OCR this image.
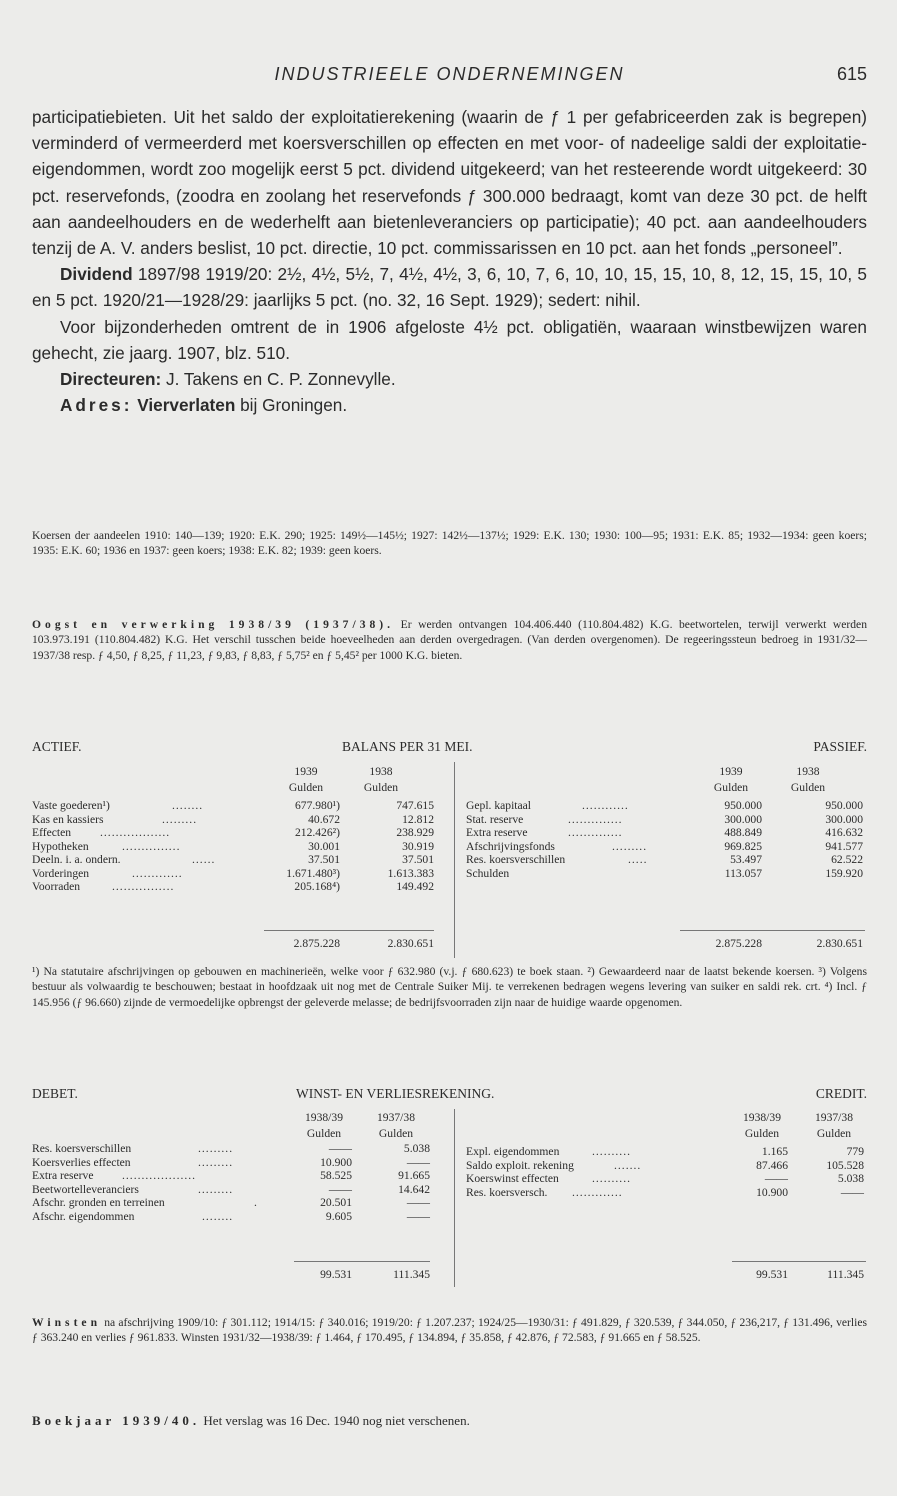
INDUSTRIEELE ONDERNEMINGEN	615

participatiebieten. Uit het saldo der exploitatierekening (waarin de ƒ 1 per gefabriceerden zak is begrepen) verminderd of vermeerderd met koersverschillen op effecten en met voor- of nadeelige saldi der exploitatie-eigendommen, wordt zoo mogelijk eerst 5 pct. dividend uitgekeerd; van het resteerende wordt uitgekeerd: 30 pct. reservefonds, (zoodra en zoolang het reservefonds ƒ 300.000 bedraagt, komt van deze 30 pct. de helft aan aandeelhouders en de wederhelft aan bietenleveranciers op participatie); 40 pct. aan aandeelhouders tenzij de A. V. anders beslist, 10 pct. directie, 10 pct. commissarissen en 10 pct. aan het fonds „personeel”.

Dividend 1897/98 1919/20: 2½, 4½, 5½, 7, 4½, 4½, 3, 6, 10, 7, 6, 10, 10, 15, 15, 10, 8, 12, 15, 15, 10, 5 en 5 pct. 1920/21—1928/29: jaarlijks 5 pct. (no. 32, 16 Sept. 1929); sedert: nihil.

Voor bijzonderheden omtrent de in 1906 afgeloste 4½ pct. obligatiën, waaraan winstbewijzen waren gehecht, zie jaarg. 1907, blz. 510.

Directeuren: J. Takens en C. P. Zonnevylle.

Adres: Vierverlaten bij Groningen.

Koersen der aandeelen 1910: 140—139; 1920: E.K. 290; 1925: 149½—145½; 1927: 142½—137½; 1929: E.K. 130; 1930: 100—95; 1931: E.K. 85; 1932—1934: geen koers; 1935: E.K. 60; 1936 en 1937: geen koers; 1938: E.K. 82; 1939: geen koers.

Oogst en verwerking 1938/39 (1937/38). Er werden ontvangen 104.406.440 (110.804.482) K.G. beetwortelen, terwijl verwerkt werden 103.973.191 (110.804.482) K.G. Het verschil tusschen beide hoeveelheden aan derden overgedragen. (Van derden overgenomen). De regeeringssteun bedroeg in 1931/32—1937/38 resp. ƒ 4,50, ƒ 8,25, ƒ 11,23, ƒ 9,83, ƒ 8,83, ƒ 5,75² en ƒ 5,45² per 1000 K.G. bieten.

ACTIEF.	BALANS PER 31 MEI.	PASSIEF.
1939	1938	1939	1938
Gulden	Gulden	Gulden	Gulden
Vaste goederen¹)	........	677.980¹)	747.615
Kas en kassiers	.........	40.672	12.812
Effecten ..................	212.426²)	238.929
Hypotheken	...............	30.001	30.919
Deeln. i. a. ondern.	......	37.501	37.501
Vorderingen	.............	1.671.480³)	1.613.383
Voorraden	................	205.168⁴)	149.492
Gepl. kapitaal	............	950.000	950.000
Stat. reserve	..............	300.000	300.000
Extra reserve	..............	488.849	416.632
Afschrijvingsfonds	.........	969.825	941.577
Res. koersverschillen	.....	53.497	62.522
Schulden	113.057	159.920
2.875.228	2.830.651	2.875.228	2.830.651

¹) Na statutaire afschrijvingen op gebouwen en machinerieën, welke voor ƒ 632.980 (v.j. ƒ 680.623) te boek staan. ²) Gewaardeerd naar de laatst bekende koersen. ³) Volgens bestuur als volwaardig te beschouwen; bestaat in hoofdzaak uit nog met de Centrale Suiker Mij. te verrekenen bedragen wegens levering van suiker en saldi rek. crt. ⁴) Incl. ƒ 145.956 (ƒ 96.660) zijnde de vermoedelijke opbrengst der geleverde melasse; de bedrijfsvoorraden zijn naar de huidige waarde opgenomen.

DEBET.	WINST- EN VERLIESREKENING.	CREDIT.
1938/39	1937/38	1938/39	1937/38
Gulden	Gulden	Gulden	Gulden
Res. koersverschillen	.........	——	5.038
Koersverlies effecten	.........	10.900	——
Extra reserve ...................	58.525	91.665
Beetwortelleveranciers	.........	——	14.642
Afschr. gronden en terreinen	.	20.501	——
Afschr. eigendommen	........	9.605	——
Expl. eigendommen	..........	1.165	779
Saldo exploit. rekening	.......	87.466	105.528
Koerswinst effecten	..........	——	5.038
Res. koersversch. .............	10.900	——
99.531	111.345	99.531	111.345

Winsten na afschrijving 1909/10: ƒ 301.112; 1914/15: ƒ 340.016; 1919/20: ƒ 1.207.237; 1924/25—1930/31: ƒ 491.829, ƒ 320.539, ƒ 344.050, ƒ 236,217, ƒ 131.496, verlies ƒ 363.240 en verlies ƒ 961.833. Winsten 1931/32—1938/39: ƒ 1.464, ƒ 170.495, ƒ 134.894, ƒ 35.858, ƒ 42.876, ƒ 72.583, ƒ 91.665 en ƒ 58.525.

Boekjaar 1939/40. Het verslag was 16 Dec. 1940 nog niet verschenen.
